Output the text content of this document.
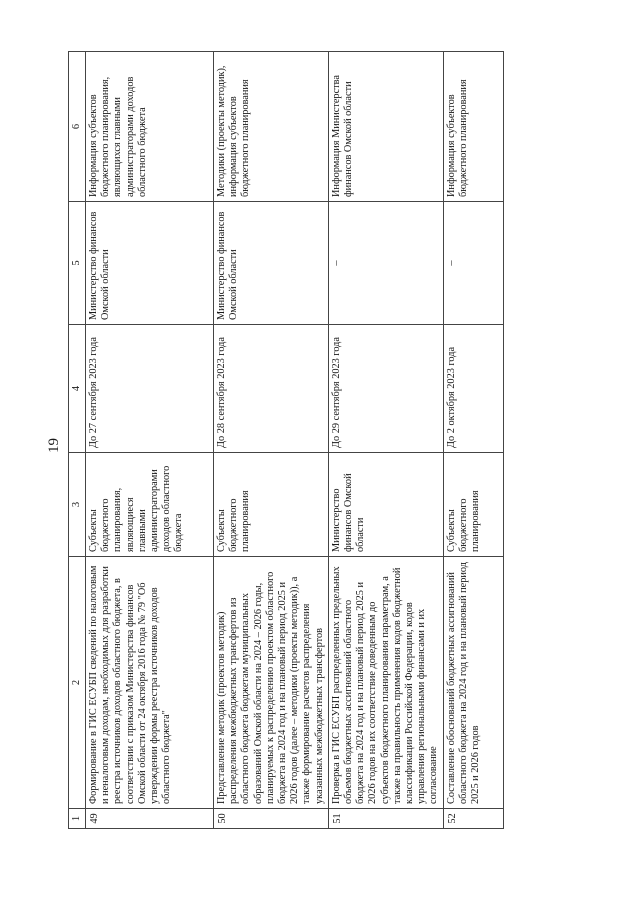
19
1	2	3	4	5	6
49	Формирование в ГИС ЕСУБП сведений по налоговым и неналоговым доходам, необходимых для разработки реестра источников доходов областного бюджета, в соответствии с приказом Министерства финансов Омской области от 24 октября 2016 года № 79 "Об утверждении формы реестра источников доходов областного бюджета"	Субъекты бюджетного планирования, являющиеся главными администраторами доходов областного бюджета	До 27 сентября 2023 года	Министерство финансов Омской области	Информация субъектов бюджетного планирования, являющихся главными администраторами доходов областного бюджета
50	Представление методик (проектов методик) распределения межбюджетных трансфертов из областного бюджета бюджетам муниципальных образований Омской области на 2024 – 2026 годы, планируемых к распределению проектом областного бюджета на 2024 год и на плановый период 2025 и 2026 годов (далее – методики (проекты методик)), а также формирование расчетов распределения указанных межбюджетных трансфертов	Субъекты бюджетного планирования	До 28 сентября 2023 года	Министерство финансов Омской области	Методики (проекты методик), информация субъектов бюджетного планирования
51	Проверка в ГИС ЕСУБП распределенных предельных объемов бюджетных ассигнований областного бюджета на 2024 год и на плановый период 2025 и 2026 годов на их соответствие доведенным до субъектов бюджетного планирования параметрам, а также на правильность применения кодов бюджетной классификации Российской Федерации, кодов управления региональными финансами и их согласование	Министерство финансов Омской области	До 29 сентября 2023 года	–	Информация Министерства финансов Омской области
52	Составление обоснований бюджетных ассигнований областного бюджета на 2024 год и на плановый период 2025 и 2026 годов	Субъекты бюджетного планирования	До 2 октября 2023 года	–	Информация субъектов бюджетного планирования
